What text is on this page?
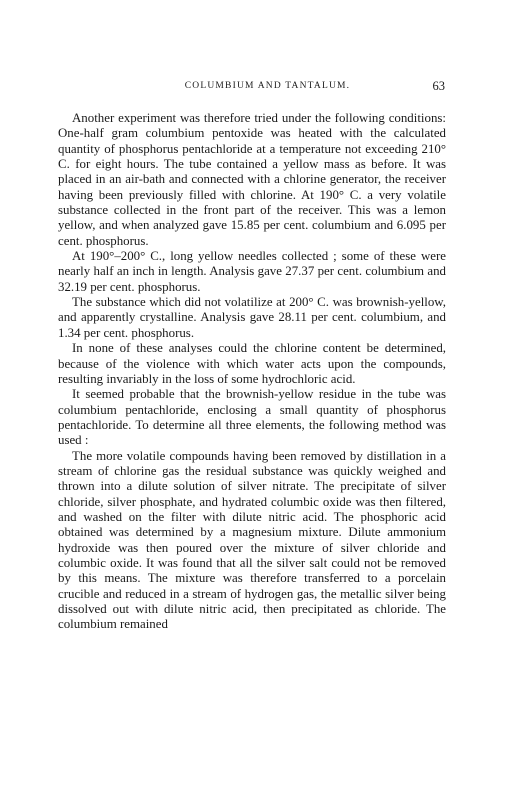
COLUMBIUM AND TANTALUM.	63

Another experiment was therefore tried under the following conditions: One-half gram columbium pentoxide was heated with the calculated quantity of phosphorus pentachloride at a temperature not exceeding 210° C. for eight hours. The tube contained a yellow mass as before. It was placed in an air-bath and connected with a chlorine generator, the receiver having been previously filled with chlorine. At 190° C. a very volatile substance collected in the front part of the receiver. This was a lemon yellow, and when analyzed gave 15.85 per cent. columbium and 6.095 per cent. phosphorus.

At 190°–200° C., long yellow needles collected ; some of these were nearly half an inch in length. Analysis gave 27.37 per cent. columbium and 32.19 per cent. phosphorus.

The substance which did not volatilize at 200° C. was brownish-yellow, and apparently crystalline. Analysis gave 28.11 per cent. columbium, and 1.34 per cent. phosphorus.

In none of these analyses could the chlorine content be determined, because of the violence with which water acts upon the compounds, resulting invariably in the loss of some hydrochloric acid.

It seemed probable that the brownish-yellow residue in the tube was columbium pentachloride, enclosing a small quantity of phosphorus pentachloride. To determine all three elements, the following method was used :

The more volatile compounds having been removed by distillation in a stream of chlorine gas the residual substance was quickly weighed and thrown into a dilute solution of silver nitrate. The precipitate of silver chloride, silver phosphate, and hydrated columbic oxide was then filtered, and washed on the filter with dilute nitric acid. The phosphoric acid obtained was determined by a magnesium mixture. Dilute ammonium hydroxide was then poured over the mixture of silver chloride and columbic oxide. It was found that all the silver salt could not be removed by this means. The mixture was therefore transferred to a porcelain crucible and reduced in a stream of hydrogen gas, the metallic silver being dissolved out with dilute nitric acid, then precipitated as chloride. The columbium remained
